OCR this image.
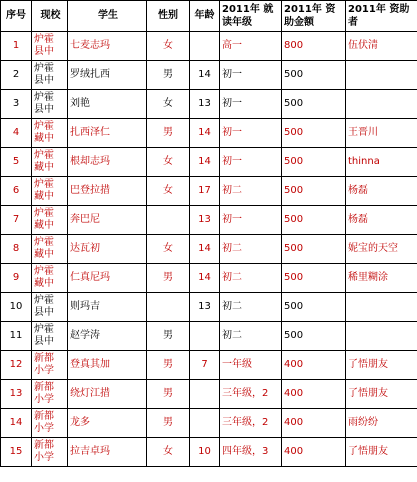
序号	现校	学生	性别	年龄	2011年 就读年级	2011年 资助金额	2011年 资助者
1	炉霍 县中	七麦志玛	女		高一	800	伍伏清
2	炉霍 县中	罗绒扎西	男	14	初一	500	
3	炉霍 县中	刘艳	女	13	初一	500	
4	炉霍 藏中	扎西泽仁	男	14	初一	500	王晋川
5	炉霍 藏中	根却志玛	女	14	初一	500	thinna
6	炉霍 藏中	巴登拉措	女	17	初二	500	杨磊
7	炉霍 藏中	奔巴尼		13	初一	500	杨磊
8	炉霍 藏中	达瓦初	女	14	初二	500	妮宝的天空
9	炉霍 藏中	仁真尼玛	男	14	初二	500	稀里糊涂
10	炉霍 县中	则玛吉		13	初二	500	
11	炉霍 县中	赵学涛	男		初二	500	
12	新都 小学	登真其加	男	7	一年级	400	了悟朋友
13	新都 小学	绕灯江措	男		三年级，2	400	了悟朋友
14	新都 小学	龙多	男		三年级，2	400	雨纷纷
15	新都 小学	拉吉卓玛	女	10	四年级，3	400	了悟朋友
